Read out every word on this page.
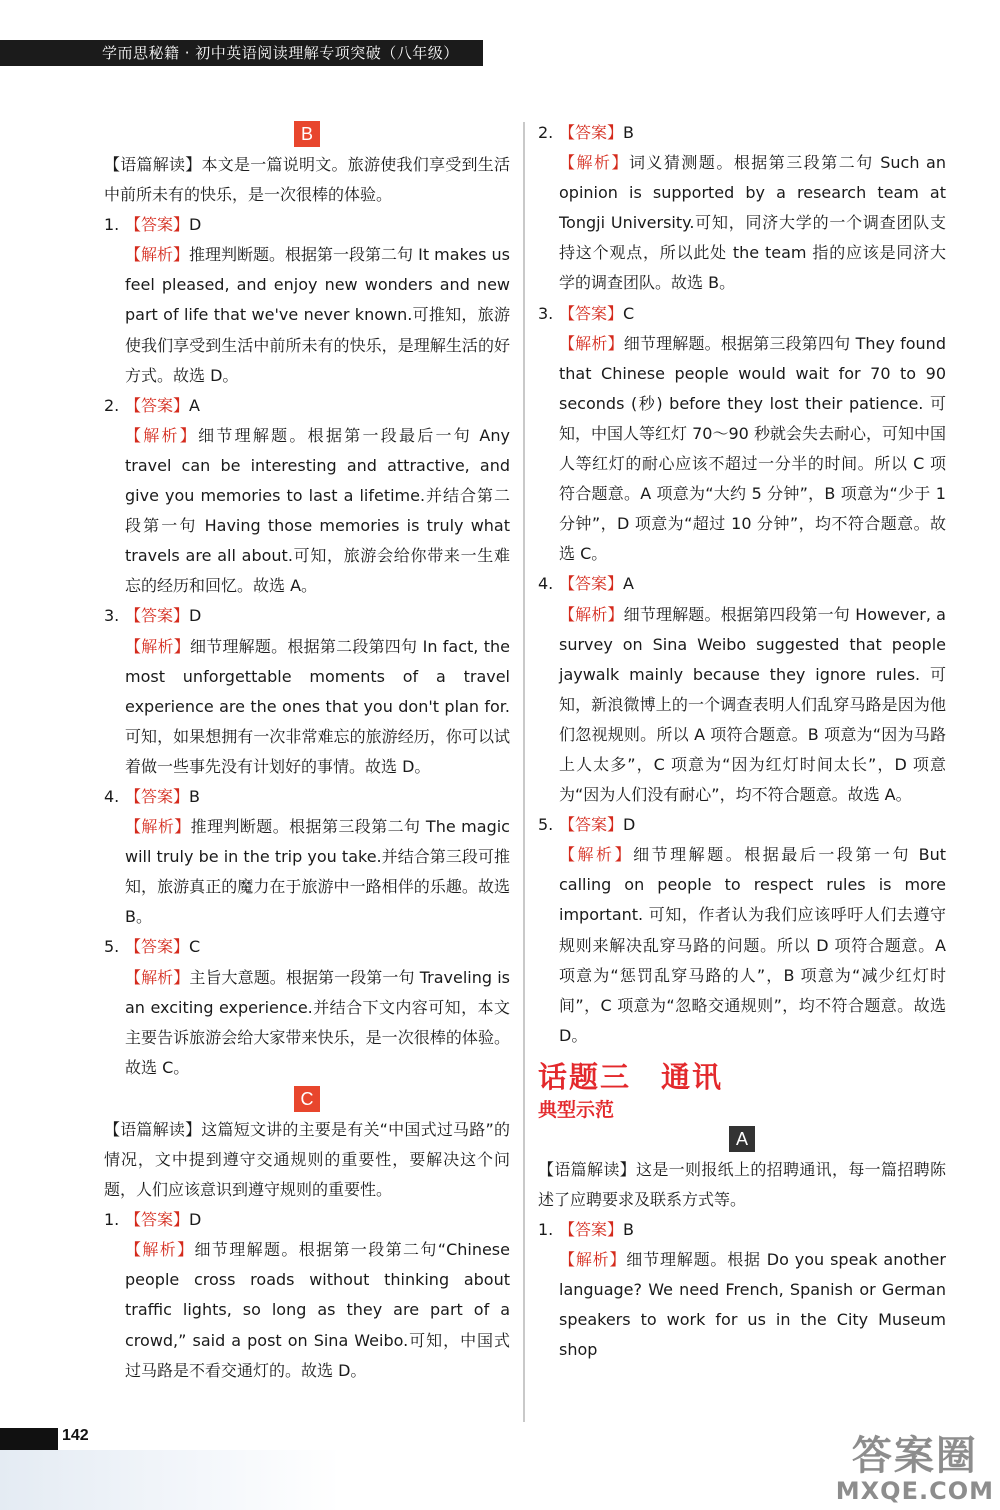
学而思秘籍 · 初中英语阅读理解专项突破（八年级）
B

【语篇解读】本文是一篇说明文。旅游使我们享受到生活中前所未有的快乐，是一次很棒的体验。

1. 【答案】D

【解析】推理判断题。根据第一段第二句 It makes us feel pleased, and enjoy new wonders and new part of life that we've never known.可推知，旅游使我们享受到生活中前所未有的快乐，是理解生活的好方式。故选 D。

2. 【答案】A

【解析】细节理解题。根据第一段最后一句 Any travel can be interesting and attractive, and give you memories to last a lifetime.并结合第二段第一句 Having those memories is truly what travels are all about.可知，旅游会给你带来一生难忘的经历和回忆。故选 A。

3. 【答案】D

【解析】细节理解题。根据第二段第四句 In fact, the most unforgettable moments of a travel experience are the ones that you don't plan for.可知，如果想拥有一次非常难忘的旅游经历，你可以试着做一些事先没有计划好的事情。故选 D。

4. 【答案】B

【解析】推理判断题。根据第三段第二句 The magic will truly be in the trip you take.并结合第三段可推知，旅游真正的魔力在于旅游中一路相伴的乐趣。故选 B。

5. 【答案】C

【解析】主旨大意题。根据第一段第一句 Traveling is an exciting experience.并结合下文内容可知，本文主要告诉旅游会给大家带来快乐，是一次很棒的体验。故选 C。

C

【语篇解读】这篇短文讲的主要是有关“中国式过马路”的情况，文中提到遵守交通规则的重要性，要解决这个问题，人们应该意识到遵守规则的重要性。

1. 【答案】D

【解析】细节理解题。根据第一段第二句“Chinese people cross roads without thinking about traffic lights, so long as they are part of a crowd,” said a post on Sina Weibo.可知，中国式过马路是不看交通灯的。故选 D。

2. 【答案】B

【解析】词义猜测题。根据第三段第二句 Such an opinion is supported by a research team at Tongji University.可知，同济大学的一个调查团队支持这个观点，所以此处 the team 指的应该是同济大学的调查团队。故选 B。

3. 【答案】C

【解析】细节理解题。根据第三段第四句 They found that Chinese people would wait for 70 to 90 seconds (秒) before they lost their patience. 可知，中国人等红灯 70～90 秒就会失去耐心，可知中国人等红灯的耐心应该不超过一分半的时间。所以 C 项符合题意。A 项意为“大约 5 分钟”，B 项意为“少于 1 分钟”，D 项意为“超过 10 分钟”，均不符合题意。故选 C。

4. 【答案】A

【解析】细节理解题。根据第四段第一句 However, a survey on Sina Weibo suggested that people jaywalk mainly because they ignore rules. 可知，新浪微博上的一个调查表明人们乱穿马路是因为他们忽视规则。所以 A 项符合题意。B 项意为“因为马路上人太多”，C 项意为“因为红灯时间太长”，D 项意为“因为人们没有耐心”，均不符合题意。故选 A。

5. 【答案】D

【解析】细节理解题。根据最后一段第一句 But calling on people to respect rules is more important. 可知，作者认为我们应该呼吁人们去遵守规则来解决乱穿马路的问题。所以 D 项符合题意。A 项意为“惩罚乱穿马路的人”，B 项意为“减少红灯时间”，C 项意为“忽略交通规则”，均不符合题意。故选 D。

话题三 通讯
典型示范
A

【语篇解读】这是一则报纸上的招聘通讯，每一篇招聘陈述了应聘要求及联系方式等。

1. 【答案】B

【解析】细节理解题。根据 Do you speak another language? We need French, Spanish or German speakers to work for us in the City Museum shop

142	答案圈
MXQE.COM
